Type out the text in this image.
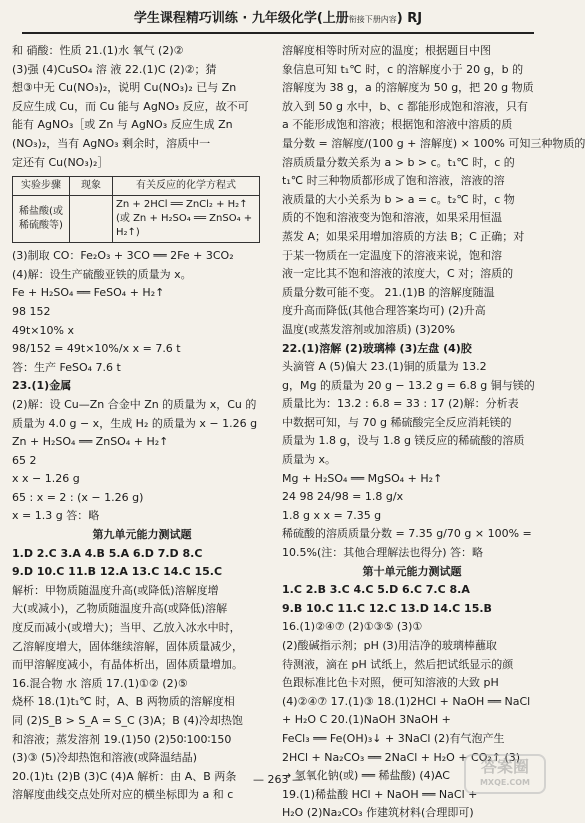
学生课程精巧训练 · 九年级化学(上册衔接下册内容) RJ

和 硝酸：性质 21.(1)水 氧气 (2)②

(3)强 (4)CuSO₄ 溶 液 22.(1)C (2)②；猜

想③中无 Cu(NO₃)₂，说明 Cu(NO₃)₂ 已与 Zn

反应生成 Cu，而 Cu 能与 AgNO₃ 反应，故不可

能有 AgNO₃［或 Zn 与 AgNO₃ 反应生成 Zn

(NO₃)₂，当有 AgNO₃ 剩余时，溶质中一

定还有 Cu(NO₃)₂］

实验步骤	现象	有关反应的化学方程式
稀盐酸(或稀硫酸等)		Zn + 2HCl ══ ZnCl₂ + H₂↑ (或 Zn + H₂SO₄ ══ ZnSO₄ + H₂↑)

(3)制取 CO：Fe₂O₃ + 3CO ══ 2Fe + 3CO₂

(4)解：设生产硫酸亚铁的质量为 x。

Fe + H₂SO₄ ══ FeSO₄ + H₂↑

98 152

49t×10% x

98/152 = 49t×10%/x x = 7.6 t

答：生产 FeSO₄ 7.6 t

23.(1)金属

(2)解：设 Cu—Zn 合金中 Zn 的质量为 x，Cu 的

质量为 4.0 g − x，生成 H₂ 的质量为 x − 1.26 g

Zn + H₂SO₄ ══ ZnSO₄ + H₂↑

65 2

x x − 1.26 g

65 : x = 2 : (x − 1.26 g)

x = 1.3 g 答：略

第九单元能力测试题

1.D 2.C 3.A 4.B 5.A 6.D 7.D 8.C

9.D 10.C 11.B 12.A 13.C 14.C 15.C

解析：甲物质随温度升高(或降低)溶解度增

大(或减小)，乙物质随温度升高(或降低)溶解

度反而减小(或增大)；当甲、乙放入冰水中时，

乙溶解度增大，固体继续溶解，固体质量减少，

而甲溶解度减小，有晶体析出，固体质量增加。

16.混合物 水 溶质 17.(1)①② (2)⑤

烧杯 18.(1)t₁℃ 时，A、B 两物质的溶解度相

同 (2)S_B > S_A = S_C (3)A；B (4)冷却热饱

和溶液；蒸发溶剂 19.(1)50 (2)50∶100∶150

(3)③ (5)冷却热饱和溶液(或降温结晶)

20.(1)t₁ (2)B (3)C (4)A 解析：由 A、B 两条

溶解度曲线交点处所对应的横坐标即为 a 和 c

溶解度相等时所对应的温度；根据题目中图

象信息可知 t₁℃ 时，c 的溶解度小于 20 g，b 的

溶解度为 38 g，a 的溶解度为 50 g，把 20 g 物质

放入到 50 g 水中，b、c 都能形成饱和溶液，只有

a 不能形成饱和溶液；根据饱和溶液中溶质的质

量分数 = 溶解度/(100 g + 溶解度) × 100% 可知三种物质的

溶质质量分数关系为 a > b > c。t₁℃ 时，c 的

t₁℃ 时三种物质都形成了饱和溶液，溶液的溶

液质量的大小关系为 b > a = c。t₂℃ 时，c 物

质的不饱和溶液变为饱和溶液，如果采用恒温

蒸发 A；如果采用增加溶质的方法 B；C 正确；对

于某一物质在一定温度下的溶液来说，饱和溶

液一定比其不饱和溶液的浓度大，C 对；溶质的

质量分数可能不变。 21.(1)B 的溶解度随温

度升高而降低(其他合理答案均可) (2)升高

温度(或蒸发溶剂或加溶质) (3)20%

22.(1)溶解 (2)玻璃棒 (3)左盘 (4)胶

头滴管 A (5)偏大 23.(1)铜的质量为 13.2

g，Mg 的质量为 20 g − 13.2 g = 6.8 g 铜与镁的

质量比为：13.2 : 6.8 = 33 : 17 (2)解：分析表

中数据可知，与 70 g 稀硫酸完全反应消耗镁的

质量为 1.8 g，设与 1.8 g 镁反应的稀硫酸的溶质

质量为 x。

Mg + H₂SO₄ ══ MgSO₄ + H₂↑

24 98 24/98 = 1.8 g/x

1.8 g x x = 7.35 g

稀硫酸的溶质质量分数 = 7.35 g/70 g × 100% =

10.5%(注：其他合理解法也得分) 答：略

第十单元能力测试题

1.C 2.B 3.C 4.C 5.D 6.C 7.C 8.A

9.B 10.C 11.C 12.C 13.D 14.C 15.B

16.(1)②④⑦ (2)①③⑤ (3)①

(2)酸碱指示剂；pH (3)用洁净的玻璃棒蘸取

待测液，滴在 pH 试纸上，然后把试纸显示的颜

色跟标准比色卡对照，便可知溶液的大致 pH

(4)②④⑦ 17.(1)③ 18.(1)2HCl + NaOH ══ NaCl

+ H₂O C 20.(1)NaOH 3NaOH +

FeCl₃ ══ Fe(OH)₃↓ + 3NaCl (2)有气泡产生

2HCl + Na₂CO₃ ══ 2NaCl + H₂O + CO₂↑ (3)

→ 氢氧化钠(或) ══ 稀盐酸) (4)AC

19.(1)稀盐酸 HCl + NaOH ══ NaCl +

H₂O (2)Na₂CO₃ 作建筑材料(合理即可)

— 263 —
答案圈
MXQE.COM
